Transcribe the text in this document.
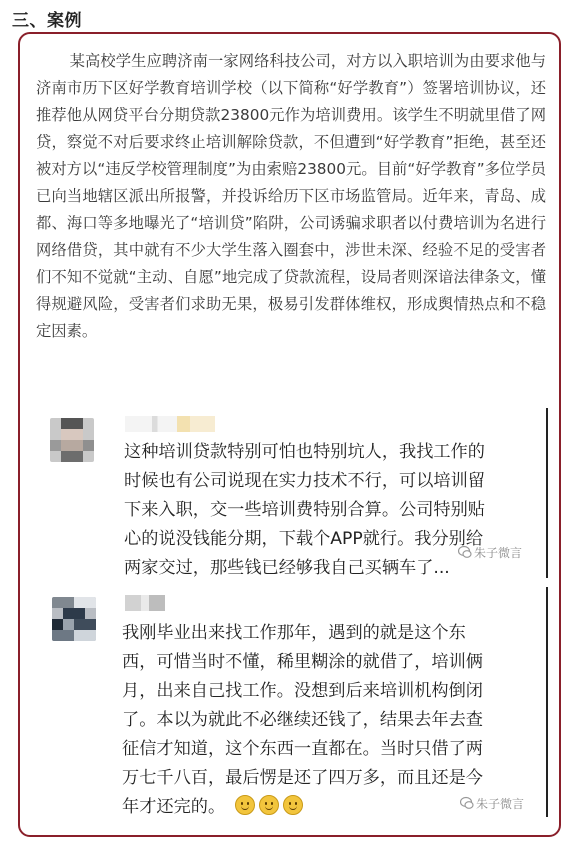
三、案例

某高校学生应聘济南一家网络科技公司，对方以入职培训为由要求他与济南市历下区好学教育培训学校（以下简称“好学教育”）签署培训协议，还推荐他从网贷平台分期贷款23800元作为培训费用。该学生不明就里借了网贷，察觉不对后要求终止培训解除贷款，不但遭到“好学教育”拒绝，甚至还被对方以“违反学校管理制度”为由索赔23800元。目前“好学教育”多位学员已向当地辖区派出所报警，并投诉给历下区市场监管局。近年来，青岛、成都、海口等多地曝光了“培训贷”陷阱，公司诱骗求职者以付费培训为名进行网络借贷，其中就有不少大学生落入圈套中，涉世未深、经验不足的受害者们不知不觉就“主动、自愿”地完成了贷款流程，设局者则深谙法律条文，懂得规避风险，受害者们求助无果，极易引发群体维权，形成舆情热点和不稳定因素。

这种培训贷款特别可怕也特别坑人，我找工作的

时候也有公司说现在实力技术不行，可以培训留

下来入职，交一些培训费特别合算。公司特别贴

心的说没钱能分期，下载个APP就行。我分别给

两家交过，那些钱已经够我自己买辆车了...

朱子微言

我刚毕业出来找工作那年，遇到的就是这个东

西，可惜当时不懂，稀里糊涂的就借了，培训俩

月，出来自己找工作。没想到后来培训机构倒闭

了。本以为就此不必继续还钱了，结果去年去查

征信才知道，这个东西一直都在。当时只借了两

万七千八百，最后愣是还了四万多，而且还是今

年才还完的。	朱子微言
